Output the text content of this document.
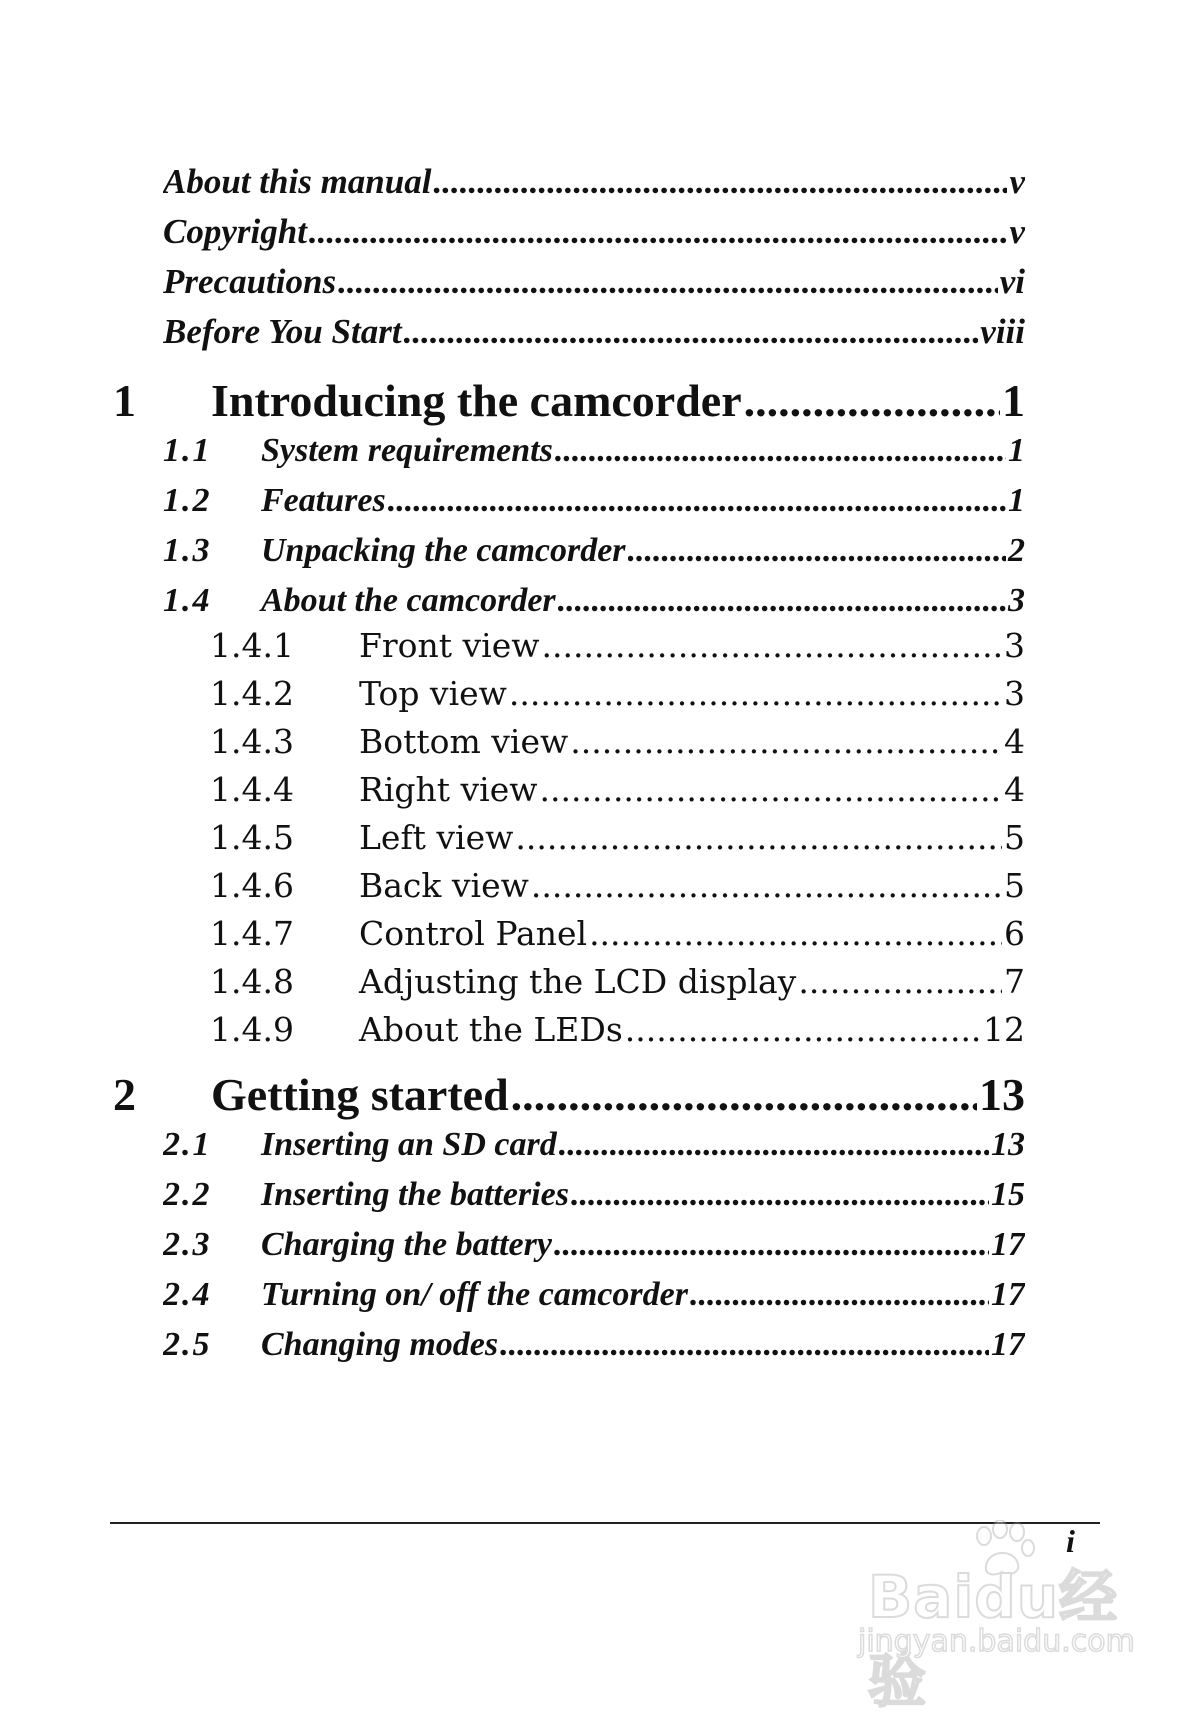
About this manual .....	v
Copyright .....	v
Precautions .....	vi
Before You Start .....	viii
1	Introducing the camcorder .....	1
1.1	System requirements .....	1
1.2	Features .....	1
1.3	Unpacking the camcorder .....	2
1.4	About the camcorder .....	3
1.4.1	Front view .....	3
1.4.2	Top view .....	3
1.4.3	Bottom view .....	4
1.4.4	Right view .....	4
1.4.5	Left view .....	5
1.4.6	Back view .....	5
1.4.7	Control Panel .....	6
1.4.8	Adjusting the LCD display .....	7
1.4.9	About the LEDs .....	12
2	Getting started .....	13
2.1	Inserting an SD card .....	13
2.2	Inserting the batteries .....	15
2.3	Charging the battery .....	17
2.4	Turning on/ off the camcorder .....	17
2.5	Changing modes .....	17
i
Baidu经验
jingyan.baidu.com
